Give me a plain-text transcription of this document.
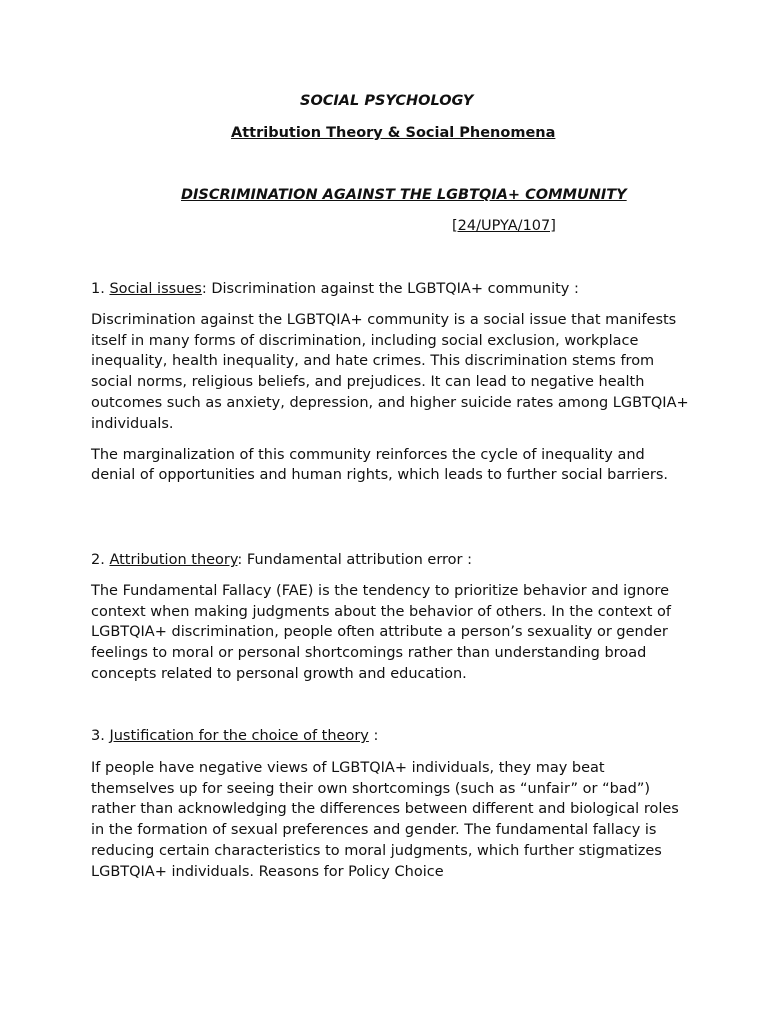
SOCIAL PSYCHOLOGY
Attribution Theory & Social Phenomena
DISCRIMINATION AGAINST THE LGBTQIA+ COMMUNITY
[24/UPYA/107]
1. Social issues: Discrimination against the LGBTQIA+ community :

Discrimination against the LGBTQIA+ community is a social issue that manifests itself in many forms of discrimination, including social exclusion, workplace inequality, health inequality, and hate crimes. This discrimination stems from social norms, religious beliefs, and prejudices. It can lead to negative health outcomes such as anxiety, depression, and higher suicide rates among LGBTQIA+ individuals.

The marginalization of this community reinforces the cycle of inequality and denial of opportunities and human rights, which leads to further social barriers.

2. Attribution theory: Fundamental attribution error :

The Fundamental Fallacy (FAE) is the tendency to prioritize behavior and ignore context when making judgments about the behavior of others. In the context of LGBTQIA+ discrimination, people often attribute a person’s sexuality or gender feelings to moral or personal shortcomings rather than understanding broad concepts related to personal growth and education.

3. Justification for the choice of theory :

If people have negative views of LGBTQIA+ individuals, they may beat themselves up for seeing their own shortcomings (such as “unfair” or “bad”) rather than acknowledging the differences between different and biological roles in the formation of sexual preferences and gender. The fundamental fallacy is reducing certain characteristics to moral judgments, which further stigmatizes LGBTQIA+ individuals. Reasons for Policy Choice
